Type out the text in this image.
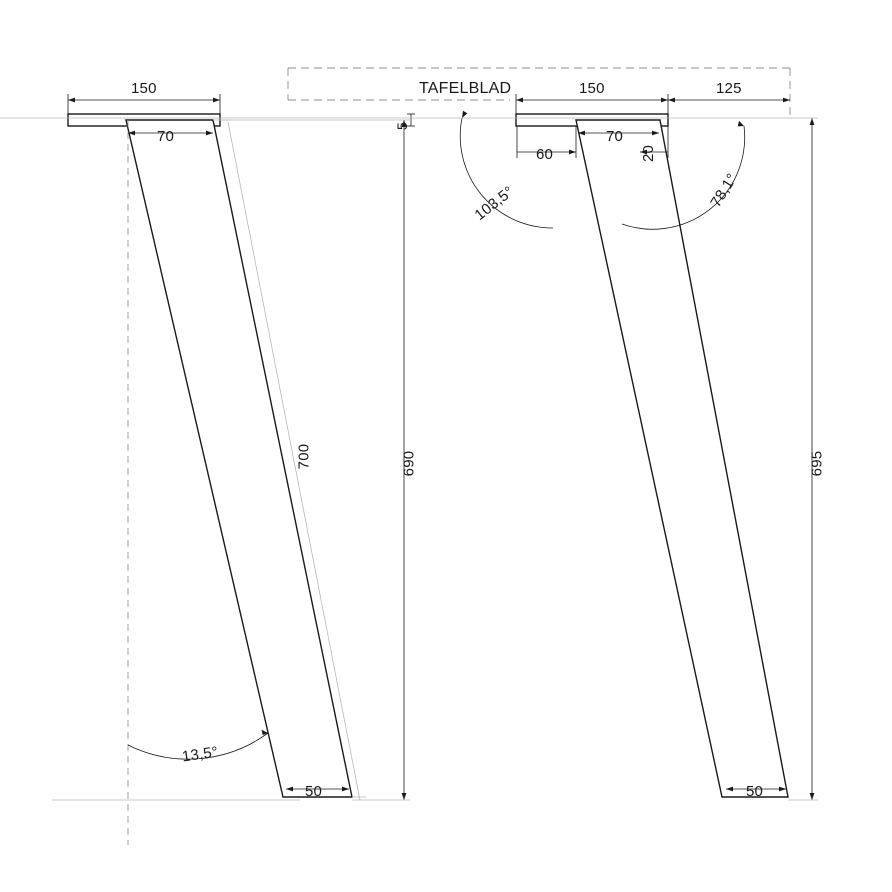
TAFELBLAD
150
70
700	690
5
13,5°
50
150	125
70
60	20
103,5°	78,1°
695
50
